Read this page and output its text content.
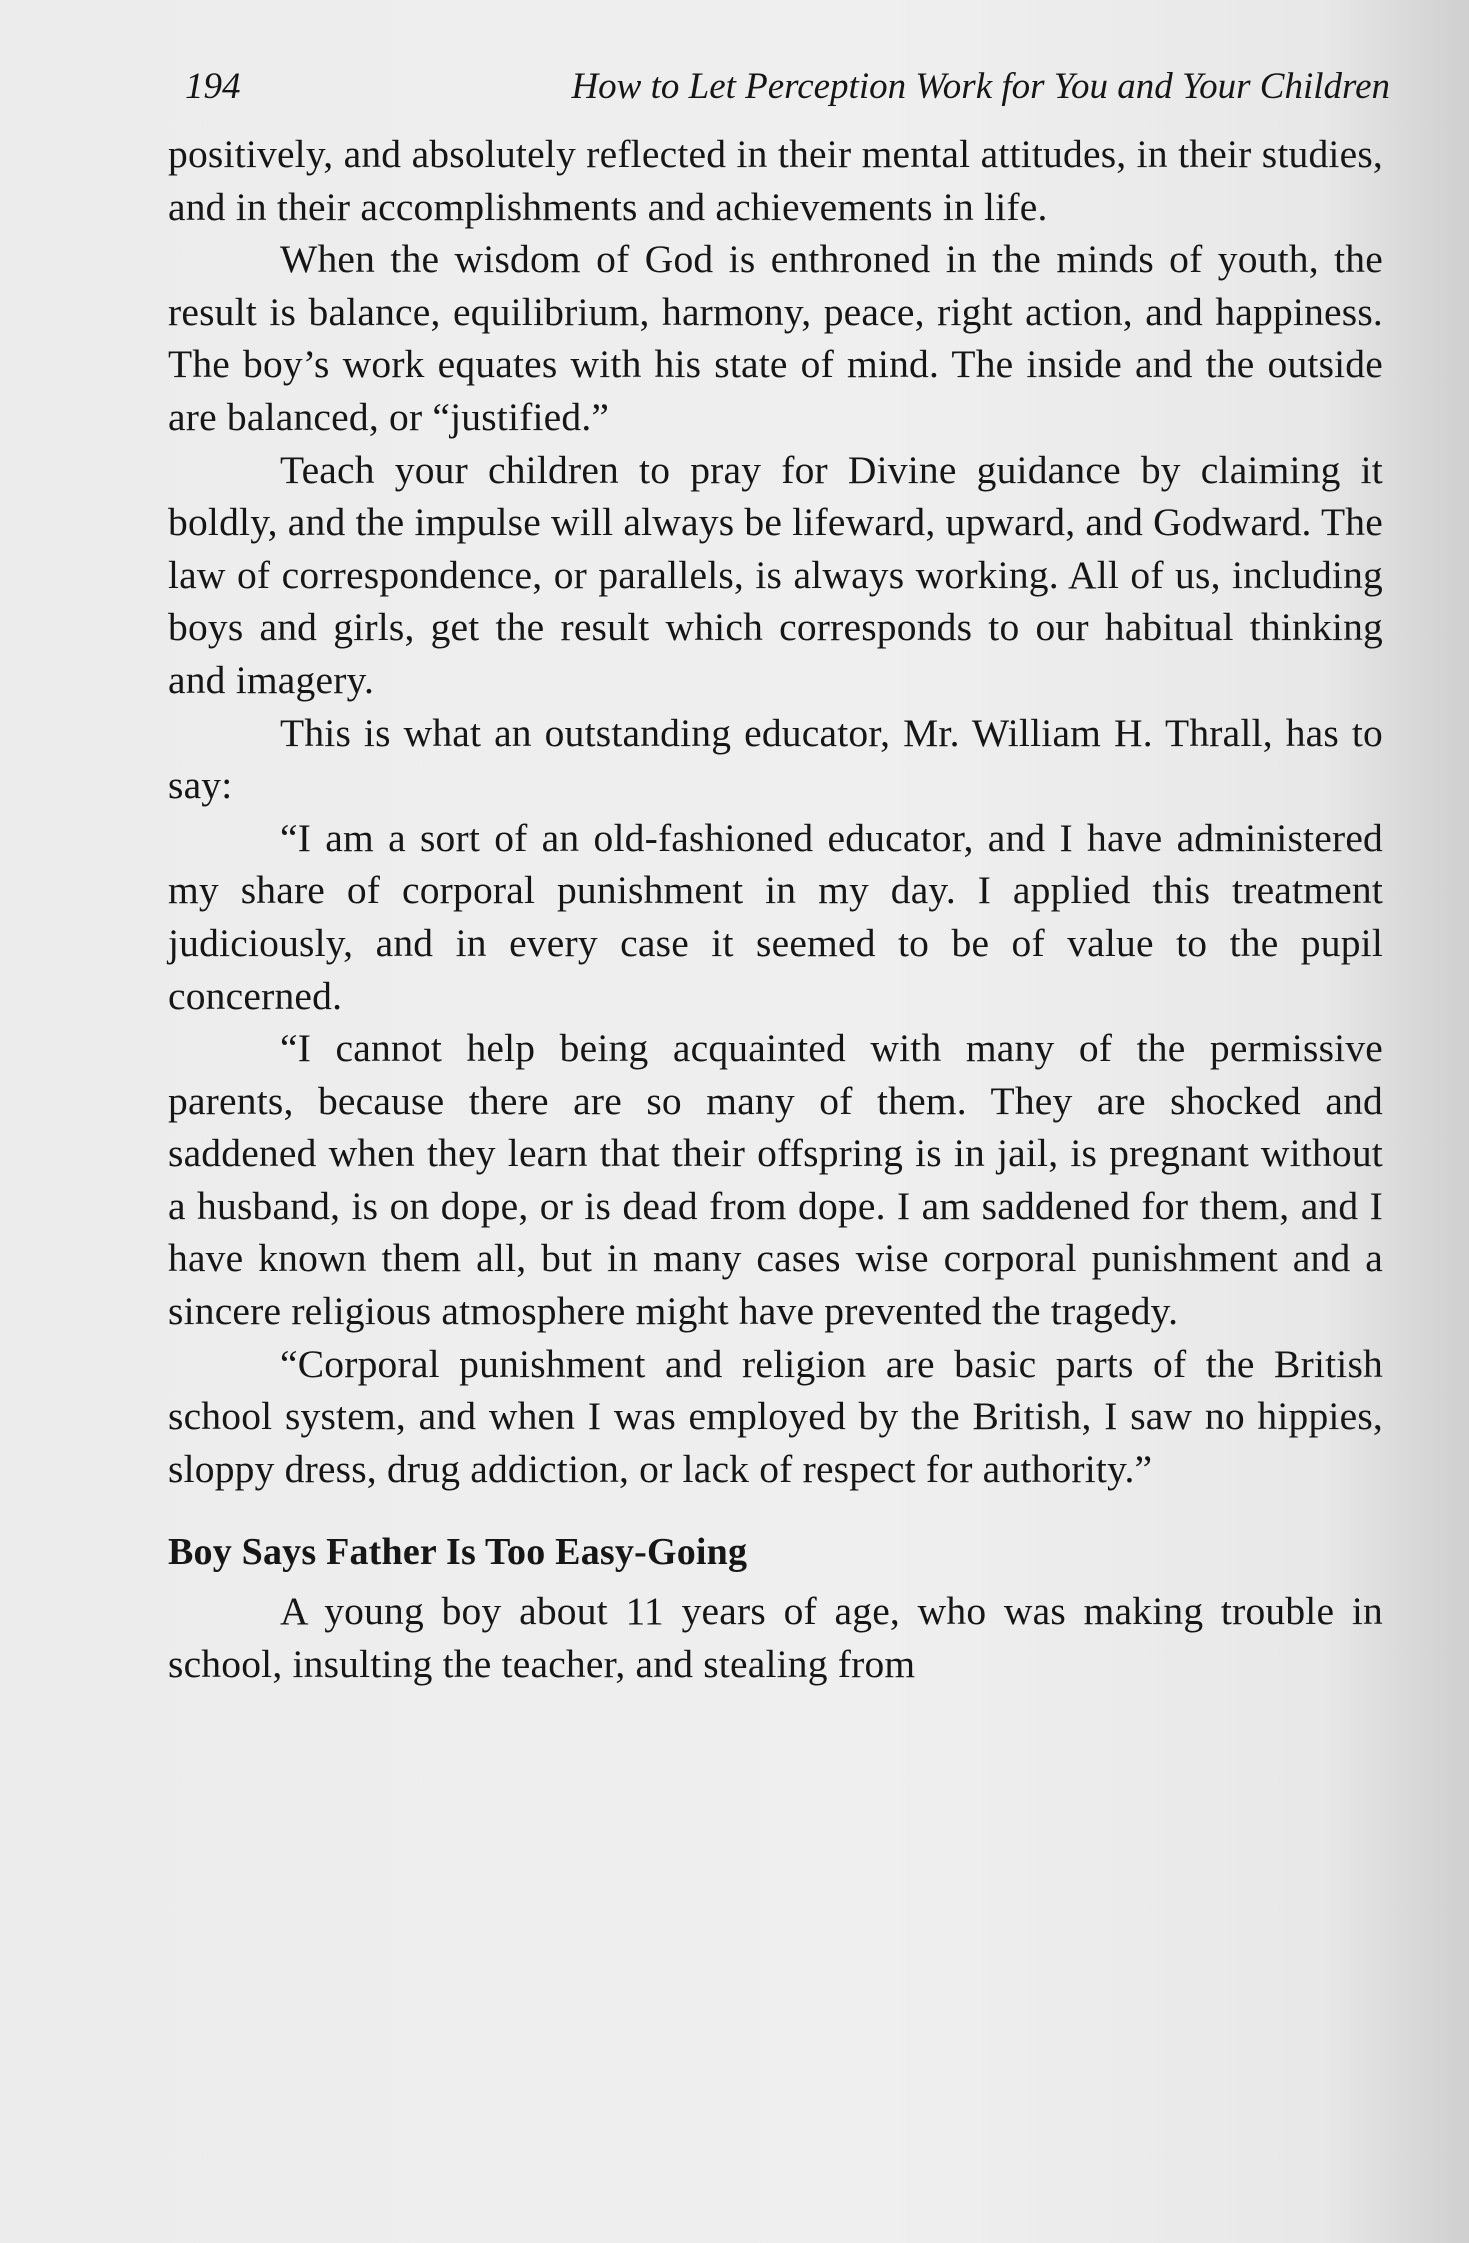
194	How to Let Perception Work for You and Your Children

positively, and absolutely reflected in their mental attitudes, in their studies, and in their accomplishments and achievements in life.

When the wisdom of God is enthroned in the minds of youth, the result is balance, equilibrium, harmony, peace, right action, and happiness. The boy’s work equates with his state of mind. The inside and the outside are balanced, or “justified.”

Teach your children to pray for Divine guidance by claiming it boldly, and the impulse will always be lifeward, upward, and Godward. The law of correspondence, or parallels, is always working. All of us, including boys and girls, get the result which corresponds to our habitual thinking and imagery.

This is what an outstanding educator, Mr. William H. Thrall, has to say:

“I am a sort of an old-fashioned educator, and I have administered my share of corporal punishment in my day. I applied this treatment judiciously, and in every case it seemed to be of value to the pupil concerned.

“I cannot help being acquainted with many of the permissive parents, because there are so many of them. They are shocked and saddened when they learn that their offspring is in jail, is pregnant without a husband, is on dope, or is dead from dope. I am saddened for them, and I have known them all, but in many cases wise corporal punishment and a sincere religious atmosphere might have prevented the tragedy.

“Corporal punishment and religion are basic parts of the British school system, and when I was employed by the British, I saw no hippies, sloppy dress, drug addiction, or lack of respect for authority.”

Boy Says Father Is Too Easy-Going

A young boy about 11 years of age, who was making trouble in school, insulting the teacher, and stealing from
